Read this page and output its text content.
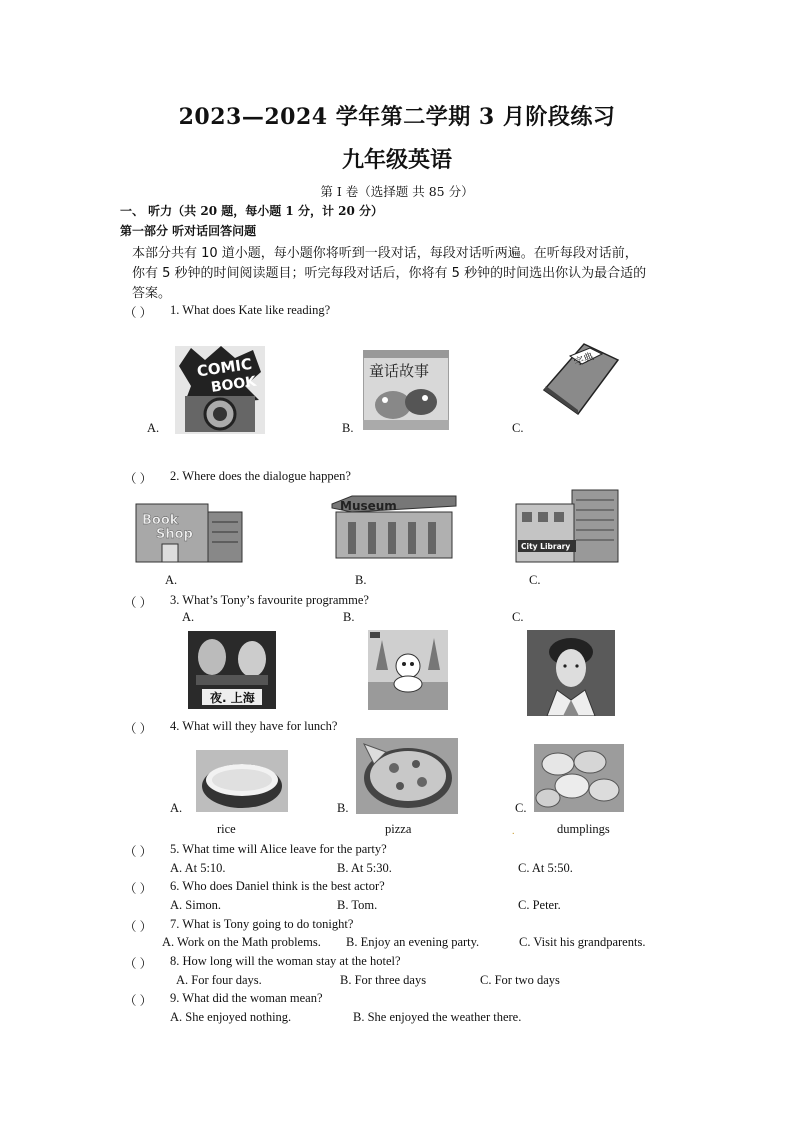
2023—2024 学年第二学期 3 月阶段练习
九年级英语
第 I 卷（选择题 共 85 分）
一、 听力（共 20 题，每小题 1 分，计 20 分）
第一部分 听对话回答问题
本部分共有 10 道小题，每小题你将听到一段对话，每段对话听两遍。在听每段对话前，
你有 5 秒钟的时间阅读题目；听完每段对话后，你将有 5 秒钟的时间选出你认为最合适的
答案。
（ ） 1. What does Kate like reading?
COMIC
BOOK
A.
童话故事
B.
字典
C.
（ ） 2. Where does the dialogue happen?
Book
Shop
A.
Museum
B.
City Library
C.
（ ） 3. What’s Tony’s favourite programme?
A.	B.	C.
夜. 上海
（ ） 4. What will they have for lunch?
A.	B.	C.
rice	pizza	.	dumplings
（ ） 5. What time will Alice leave for the party?
A. At 5:10.	B. At 5:30.	C. At 5:50.
（ ） 6. Who does Daniel think is the best actor?
A. Simon.	B. Tom.	C. Peter.
（ ） 7. What is Tony going to do tonight?
A. Work on the Math problems. B. Enjoy an evening party.	C. Visit his grandparents.
（ ） 8. How long will the woman stay at the hotel?
A. For four days.	B. For three days	C. For two days
（ ） 9. What did the woman mean?
A. She enjoyed nothing.	B. She enjoyed the weather there.
